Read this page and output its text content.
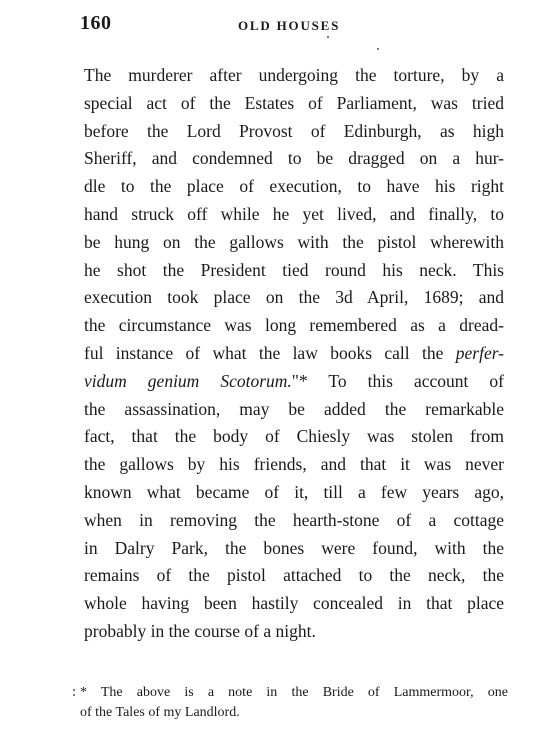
160	OLD HOUSES

The murderer after undergoing the torture, by a
special act of the Estates of Parliament, was tried
before the Lord Provost of Edinburgh, as high
Sheriff, and condemned to be dragged on a hur-
dle to the place of execution, to have his right
hand struck off while he yet lived, and finally, to
be hung on the gallows with the pistol wherewith
he shot the President tied round his neck. This
execution took place on the 3d April, 1689; and
the circumstance was long remembered as a dread-
ful instance of what the law books call the perfer-
vidum genium Scotorum."* To this account of
the assassination, may be added the remarkable
fact, that the body of Chiesly was stolen from
the gallows by his friends, and that it was never
known what became of it, till a few years ago,
when in removing the hearth-stone of a cottage
in Dalry Park, the bones were found, with the
remains of the pistol attached to the neck, the
whole having been hastily concealed in that place
probably in the course of a night.

* The above is a note in the Bride of Lammermoor, one
of the Tales of my Landlord.
